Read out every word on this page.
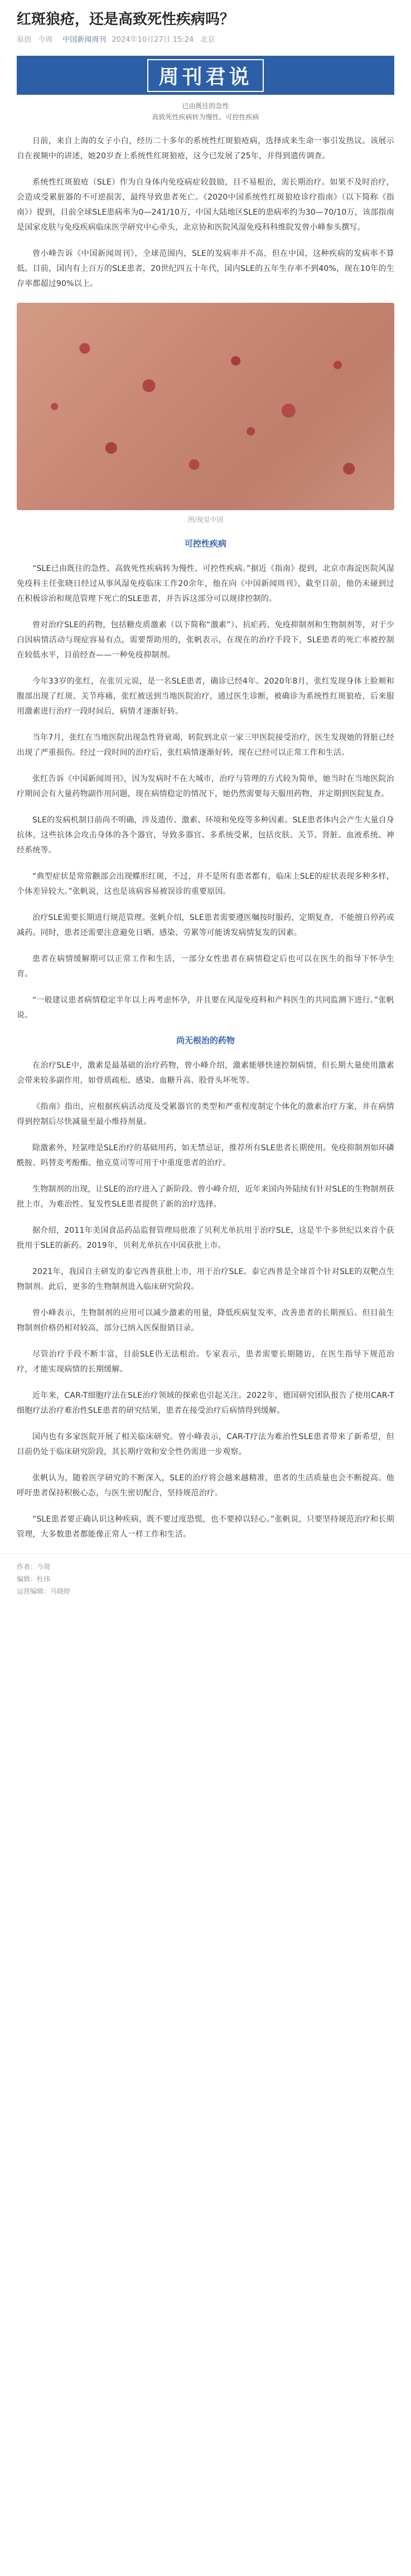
红斑狼疮，还是高致死性疾病吗？
原创 今周 中国新闻周刊 2024年10月27日 15:24 北京
周刊君说
已由既往的急性
高致死性疾病转为慢性、可控性疾病

日前，来自上海的女子小白，经历二十多年的系统性红斑狼疮病，选择成来生命一事引发热议。该展示自在视频中的讲述，她20岁查上系统性红斑狼疮，这今已发展了25年，并得到遗传调查。

系统性红斑狼疮（SLE）作为自身体内免疫病症较鼓励，目不易根治，需长期治疗。如果不及时治疗，会造成受累脏器的不可逆损害，最终导致患者死亡。《2020中国系统性红斑狼疮诊疗指南》（以下简称《指南》）提到，目前全球SLE患病率为0—241/10万，中国大陆地区SLE的患病率约为30—70/10万，该部指南是国家皮肤与免疫疾病临床医学研究中心牵头，北京协和医院风湿免疫科科维院发曾小峰参头撰写。

曾小峰告诉《中国新闻周刊》，全球范围内，SLE的发病率并不高，但在中国，这种疾病的发病率不算低。目前，国内有上百万的SLE患者，20世纪四五十年代，国内SLE的五年生存率不到40%，现在10年的生存率都超过90%以上。

图/视觉中国
可控性疾病

“SLE已由既往的急性、高致死性疾病转为慢性、可控性疾病。”据近《指南》提到，北京市海淀医院风湿免疫科主任张晓日经过从事风湿免疫临床工作20余年，他在向《中国新闻周刊》，截至目前，他仍未碰到过在积极诊治和规范管理下死亡的SLE患者，并告诉这部分可以规律控制的。

曾对治疗SLE的药物，包括糖皮质激素（以下简称“激素”）、抗疟药、免疫抑制剂和生物制剂等，对于少白因病情活动与现症容易有点，需要帮助用的，张帆表示，在现在的治疗手段下，SLE患者的死亡率被控制在较低水平，目前经查——一种免疫抑制剂。

今年33岁的张红，在张贝元说，是一名SLE患者，确诊已经4年。2020年8月，张红发现身体上脸颊和腹部出现了红斑、关节疼痛，张红被送到当地医院治疗，通过医生诊断，被确诊为系统性红斑狼疮，后来服用激素进行治疗一段时间后，病情才逐渐好转。

当年7月，张红在当地医院出现急性肾衰竭，转院到北京一家三甲医院接受治疗，医生发现她的肾脏已经出现了严重损伤。经过一段时间的治疗后，张红病情逐渐好转，现在已经可以正常工作和生活。

张红告诉《中国新闻周刊》，因为发病时不在大城市，治疗与管理的方式较为简单，她当时在当地医院治疗期间会有大量药物副作用问题，现在病情稳定的情况下，她仍然需要每天服用药物，并定期到医院复查。

SLE的发病机制目前尚不明确，涉及遗传、激素、环境和免疫等多种因素。SLE患者体内会产生大量自身抗体，这些抗体会攻击身体的各个器官，导致多器官、多系统受累，包括皮肤、关节、肾脏、血液系统、神经系统等。

“典型症状是常常颧部会出现蝶形红斑，不过，并不是所有患者都有，临床上SLE的症状表现多种多样，个体差异较大。”张帆说，这也是该病容易被误诊的重要原因。

治疗SLE需要长期进行规范管理。张帆介绍，SLE患者需要遵医嘱按时服药，定期复查，不能擅自停药或减药。同时，患者还需要注意避免日晒、感染、劳累等可能诱发病情复发的因素。

患者在病情缓解期可以正常工作和生活，一部分女性患者在病情稳定后也可以在医生的指导下怀孕生育。

“一般建议患者病情稳定半年以上再考虑怀孕，并且要在风湿免疫科和产科医生的共同监测下进行。”张帆说。

尚无根治的药物

在治疗SLE中，激素是最基础的治疗药物，曾小峰介绍，激素能够快速控制病情，但长期大量使用激素会带来较多副作用，如骨质疏松、感染、血糖升高、股骨头坏死等。

《指南》指出，应根据疾病活动度及受累器官的类型和严重程度制定个体化的激素治疗方案，并在病情得到控制后尽快减量至最小维持剂量。

除激素外，羟氯喹是SLE治疗的基础用药，如无禁忌证，推荐所有SLE患者长期使用。免疫抑制剂如环磷酰胺、吗替麦考酚酯、他克莫司等可用于中重度患者的治疗。

生物制剂的出现，让SLE的治疗进入了新阶段。曾小峰介绍，近年来国内外陆续有针对SLE的生物制剂获批上市，为难治性、复发性SLE患者提供了新的治疗选择。

据介绍，2011年美国食品药品监督管理局批准了贝利尤单抗用于治疗SLE，这是半个多世纪以来首个获批用于SLE的新药。2019年，贝利尤单抗在中国获批上市。

2021年，我国自主研发的泰它西普获批上市，用于治疗SLE。泰它西普是全球首个针对SLE的双靶点生物制剂。此后，更多的生物制剂进入临床研究阶段。

曾小峰表示，生物制剂的应用可以减少激素的用量，降低疾病复发率，改善患者的长期预后。但目前生物制剂价格仍相对较高，部分已纳入医保报销目录。

尽管治疗手段不断丰富，目前SLE仍无法根治。专家表示，患者需要长期随访，在医生指导下规范治疗，才能实现病情的长期缓解。

近年来，CAR-T细胞疗法在SLE治疗领域的探索也引起关注。2022年，德国研究团队报告了使用CAR-T细胞疗法治疗难治性SLE患者的研究结果，患者在接受治疗后病情得到缓解。

国内也有多家医院开展了相关临床研究。曾小峰表示，CAR-T疗法为难治性SLE患者带来了新希望，但目前仍处于临床研究阶段，其长期疗效和安全性仍需进一步观察。

张帆认为，随着医学研究的不断深入，SLE的治疗将会越来越精准，患者的生活质量也会不断提高。他呼吁患者保持积极心态，与医生密切配合，坚持规范治疗。

“SLE患者要正确认识这种疾病，既不要过度恐慌，也不要掉以轻心。”张帆说，只要坚持规范治疗和长期管理，大多数患者都能像正常人一样工作和生活。

作者：今周
编辑：杜玮
运营编辑：马晓婷
